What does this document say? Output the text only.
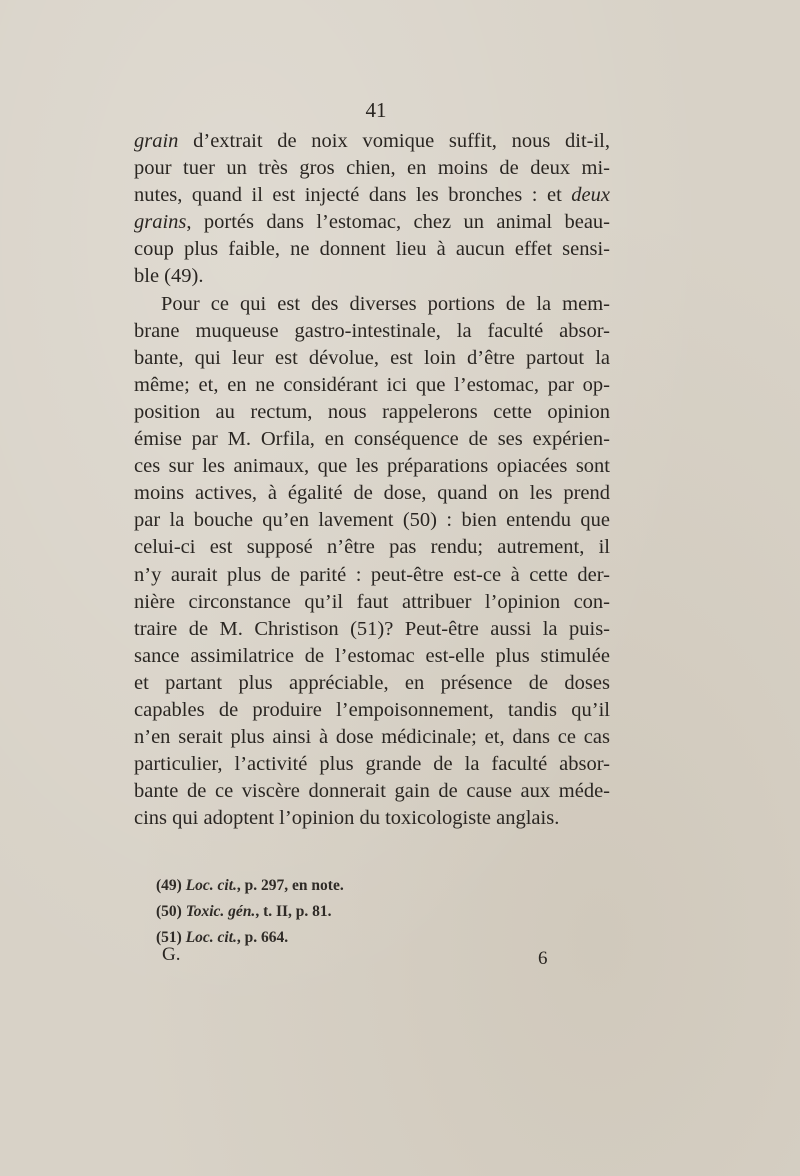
41

grain d’extrait de noix vomique suffit, nous dit-il,
pour tuer un très gros chien, en moins de deux mi-
nutes, quand il est injecté dans les bronches : et deux
grains, portés dans l’estomac, chez un animal beau-
coup plus faible, ne donnent lieu à aucun effet sensi-
ble (49).

Pour ce qui est des diverses portions de la mem-
brane muqueuse gastro-intestinale, la faculté absor-
bante, qui leur est dévolue, est loin d’être partout la
même; et, en ne considérant ici que l’estomac, par op-
position au rectum, nous rappelerons cette opinion
émise par M. Orfila, en conséquence de ses expérien-
ces sur les animaux, que les préparations opiacées sont
moins actives, à égalité de dose, quand on les prend
par la bouche qu’en lavement (50) : bien entendu que
celui-ci est supposé n’être pas rendu; autrement, il
n’y aurait plus de parité : peut-être est-ce à cette der-
nière circonstance qu’il faut attribuer l’opinion con-
traire de M. Christison (51)? Peut-être aussi la puis-
sance assimilatrice de l’estomac est-elle plus stimulée
et partant plus appréciable, en présence de doses
capables de produire l’empoisonnement, tandis qu’il
n’en serait plus ainsi à dose médicinale; et, dans ce cas
particulier, l’activité plus grande de la faculté absor-
bante de ce viscère donnerait gain de cause aux méde-
cins qui adoptent l’opinion du toxicologiste anglais.

(49) Loc. cit., p. 297, en note.
(50) Toxic. gén., t. II, p. 81.
(51) Loc. cit., p. 664.
G.	6
